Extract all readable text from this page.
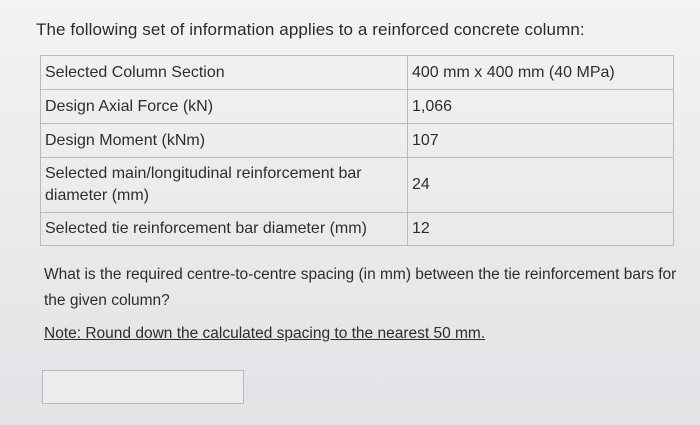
The following set of information applies to a reinforced concrete column:
Selected Column Section	400 mm x 400 mm (40 MPa)
Design Axial Force (kN)	1,066
Design Moment (kNm)	107
Selected main/longitudinal reinforcement bar diameter (mm)	24
Selected tie reinforcement bar diameter (mm)	12
What is the required centre-to-centre spacing (in mm) between the tie reinforcement bars for the given column?
Note: Round down the calculated spacing to the nearest 50 mm.
